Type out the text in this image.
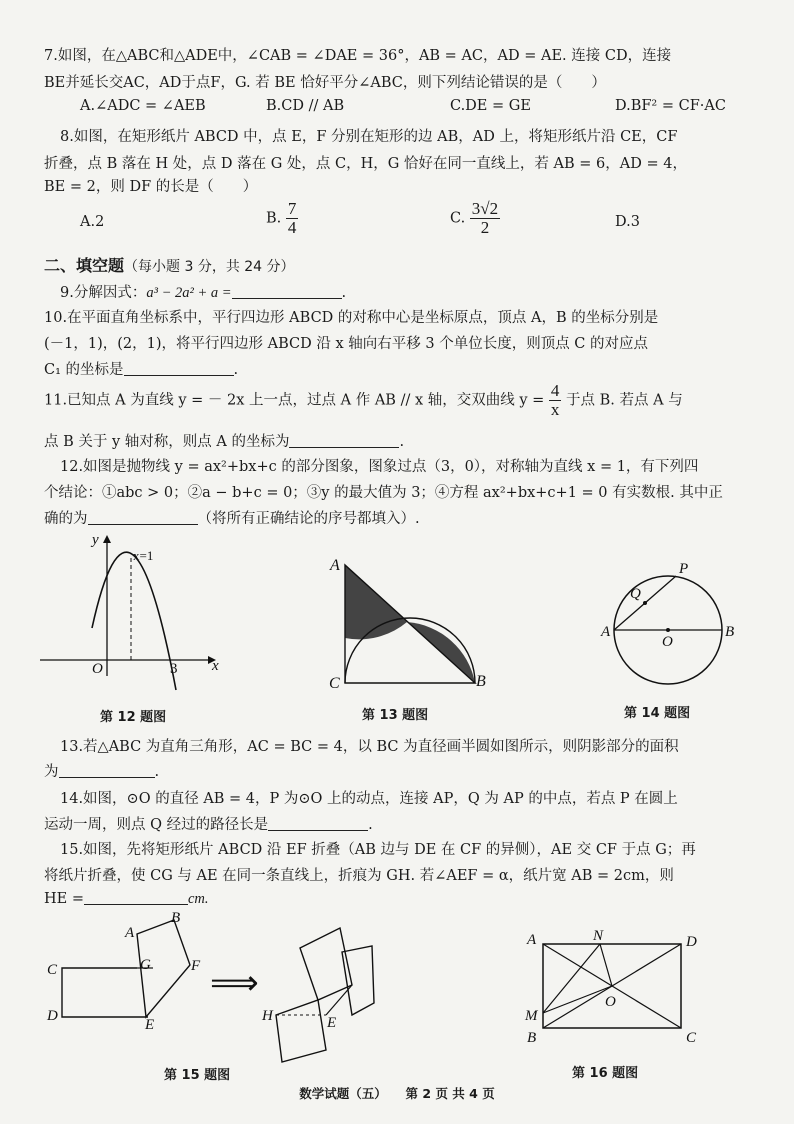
7.如图，在△ABC和△ADE中，∠CAB = ∠DAE = 36°，AB = AC，AD = AE. 连接 CD，连接
BE并延长交AC，AD于点F，G. 若 BE 恰好平分∠ABC，则下列结论错误的是（　　）
A.∠ADC = ∠AEB	B.CD // AB	C.DE = GE	D.BF² = CF·AC
8.如图，在矩形纸片 ABCD 中，点 E，F 分别在矩形的边 AB，AD 上，将矩形纸片沿 CE，CF
折叠，点 B 落在 H 处，点 D 落在 G 处，点 C，H，G 恰好在同一直线上，若 AB = 6，AD = 4，
BE = 2，则 DF 的长是（　　）
A.2	B. $\frac{7}{4}$	C. $\frac{3√2}{2}$	D.3
二、填空题（每小题 3 分，共 24 分）
9.分解因式：a³ − 2a² + a =	.
10.在平面直角坐标系中，平行四边形 ABCD 的对称中心是坐标原点，顶点 A，B 的坐标分别是
(－1，1)，(2，1)，将平行四边形 ABCD 沿 x 轴向右平移 3 个单位长度，则顶点 C 的对应点
C₁ 的坐标是	.
11.已知点 A 为直线 y = － 2x 上一点，过点 A 作 AB // x 轴，交双曲线 $y = \frac{4}{x}$ 于点 B. 若点 A 与
点 B 关于 y 轴对称，则点 A 的坐标为	.
12.如图是抛物线 y = ax²+bx+c 的部分图象，图象过点（3，0），对称轴为直线 x = 1，有下列四
个结论：①abc > 0；②a − b+c = 0；③y 的最大值为 3；④方程 ax²+bx+c+1 = 0 有实数根. 其中正
确的为	（将所有正确结论的序号都填入）.
y
x
O	3
x=1
第 12 题图
A
B
C
第 13 题图
P
Q
A
O
B
第 14 题图
13.若△ABC 为直角三角形，AC = BC = 4，以 BC 为直径画半圆如图所示，则阴影部分的面积
为	.
14.如图，⊙O 的直径 AB = 4，P 为⊙O 上的动点，连接 AP，Q 为 AP 的中点，若点 P 在圆上
运动一周，则点 Q 经过的路径长是	.
15.如图，先将矩形纸片 ABCD 沿 EF 折叠（AB 边与 DE 在 CF 的异侧），AE 交 CF 于点 G；再
将纸片折叠，使 CG 与 AE 在同一条直线上，折痕为 GH. 若∠AEF = α，纸片宽 AB = 2cm，则
HE =	cm.
A
B
C
D
E
F
G ⟹
H	E
第 15 题图
A	N	D
M
O
B	C
第 16 题图
数学试题（五）　　第 2 页 共 4 页
